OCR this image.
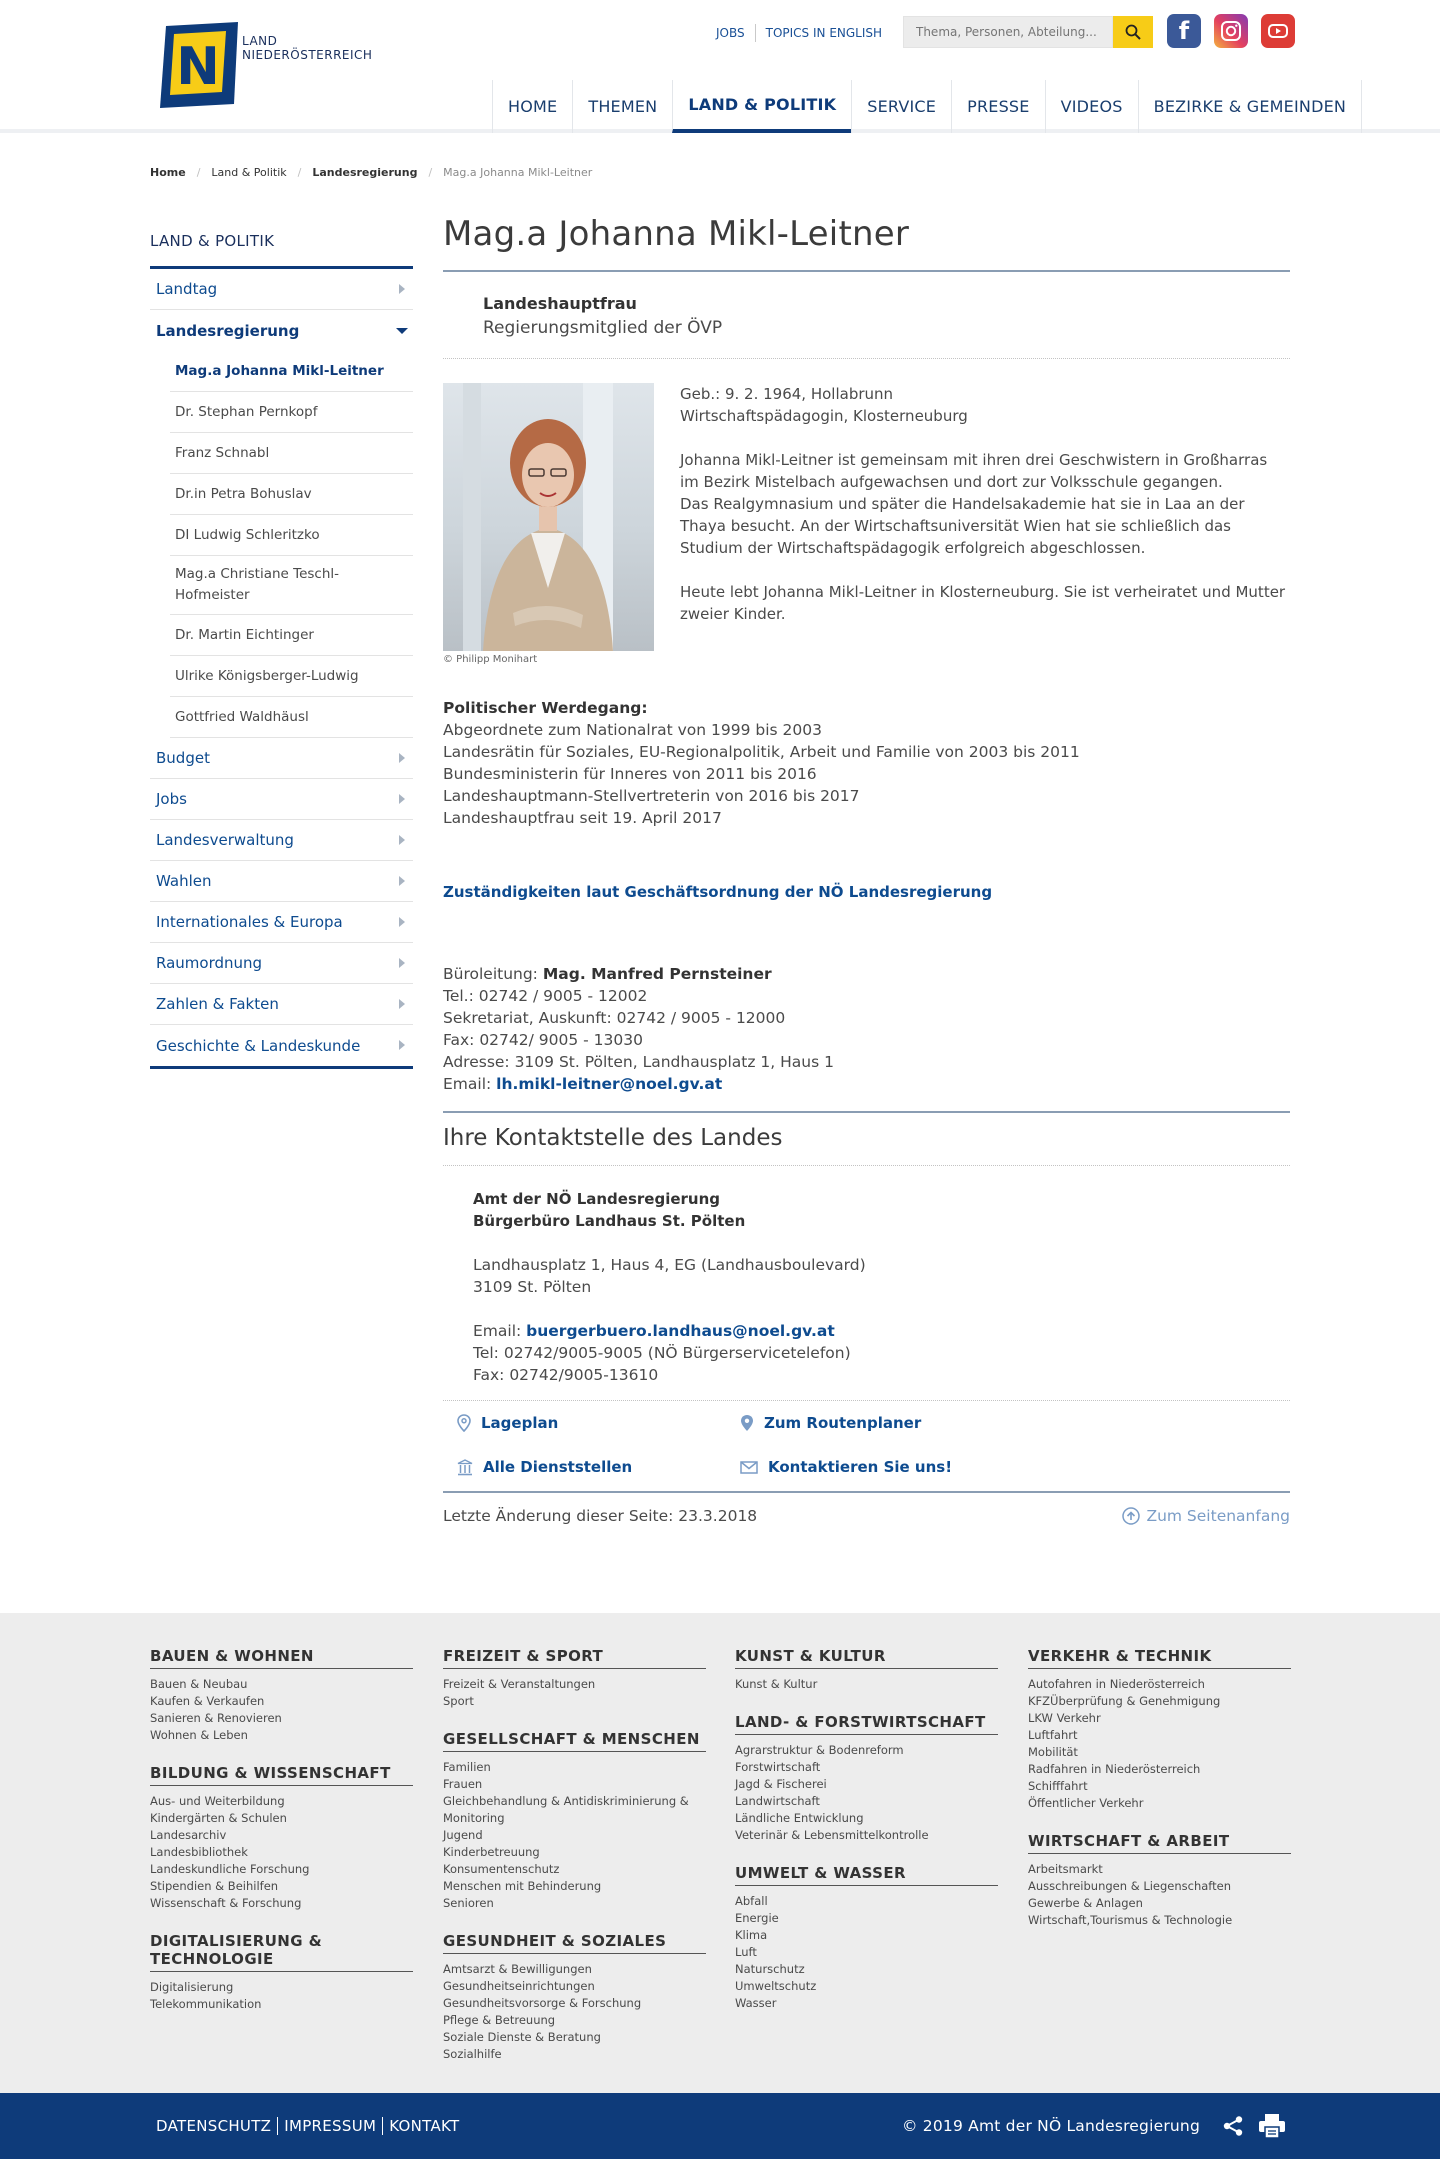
N LAND
NIEDERÖSTERREICH
JOBS	TOPICS IN ENGLISH
Thema, Personen, Abteilung...	f
HOME	THEMEN	LAND & POLITIK	SERVICE	PRESSE	VIDEOS	BEZIRKE & GEMEINDEN
Home / Land & Politik / Landesregierung / Mag.a Johanna Mikl-Leitner
LAND & POLITIK
Landtag
Landesregierung
Mag.a Johanna Mikl-Leitner
Dr. Stephan Pernkopf
Franz Schnabl
Dr.in Petra Bohuslav
DI Ludwig Schleritzko
Mag.a Christiane Teschl-Hofmeister
Dr. Martin Eichtinger
Ulrike Königsberger-Ludwig
Gottfried Waldhäusl
Budget
Jobs
Landesverwaltung
Wahlen
Internationales & Europa
Raumordnung
Zahlen & Fakten
Geschichte & Landeskunde
Mag.a Johanna Mikl-Leitner
Landeshauptfrau
Regierungsmitglied der ÖVP
© Philipp Monihart

Geb.: 9. 2. 1964, Hollabrunn
Wirtschaftspädagogin, Klosterneuburg

Johanna Mikl-Leitner ist gemeinsam mit ihren drei Geschwistern in Großharras im Bezirk Mistelbach aufgewachsen und dort zur Volksschule gegangen.
Das Realgymnasium und später die Handelsakademie hat sie in Laa an der Thaya besucht. An der Wirtschaftsuniversität Wien hat sie schließlich das Studium der Wirtschaftspädagogik erfolgreich abgeschlossen.

Heute lebt Johanna Mikl-Leitner in Klosterneuburg. Sie ist verheiratet und Mutter zweier Kinder.

Politischer Werdegang:
Abgeordnete zum Nationalrat von 1999 bis 2003
Landesrätin für Soziales, EU-Regionalpolitik, Arbeit und Familie von 2003 bis 2011
Bundesministerin für Inneres von 2011 bis 2016
Landeshauptmann-Stellvertreterin von 2016 bis 2017
Landeshauptfrau seit 19. April 2017
Zuständigkeiten laut Geschäftsordnung der NÖ Landesregierung
Büroleitung: Mag. Manfred Pernsteiner
Tel.: 02742 / 9005 - 12002
Sekretariat, Auskunft: 02742 / 9005 - 12000
Fax: 02742/ 9005 - 13030
Adresse: 3109 St. Pölten, Landhausplatz 1, Haus 1
Email: lh.mikl-leitner@noel.gv.at
Ihre Kontaktstelle des Landes
Amt der NÖ Landesregierung
Bürgerbüro Landhaus St. Pölten
Landhausplatz 1, Haus 4, EG (Landhausboulevard)
3109 St. Pölten
Email: buergerbuero.landhaus@noel.gv.at
Tel: 02742/9005-9005 (NÖ Bürgerservicetelefon)
Fax: 02742/9005-13610
Lageplan	Zum Routenplaner
Alle Dienststellen	Kontaktieren Sie uns!
Letzte Änderung dieser Seite: 23.3.2018	Zum Seitenanfang
BAUEN & WOHNEN
Bauen & Neubau
Kaufen & Verkaufen
Sanieren & Renovieren
Wohnen & Leben
BILDUNG & WISSENSCHAFT
Aus- und Weiterbildung
Kindergärten & Schulen
Landesarchiv
Landesbibliothek
Landeskundliche Forschung
Stipendien & Beihilfen
Wissenschaft & Forschung
DIGITALISIERUNG & TECHNOLOGIE
Digitalisierung
Telekommunikation
FREIZEIT & SPORT
Freizeit & Veranstaltungen
Sport
GESELLSCHAFT & MENSCHEN
Familien
Frauen
Gleichbehandlung & Antidiskriminierung & Monitoring
Jugend
Kinderbetreuung
Konsumentenschutz
Menschen mit Behinderung
Senioren
GESUNDHEIT & SOZIALES
Amtsarzt & Bewilligungen
Gesundheitseinrichtungen
Gesundheitsvorsorge & Forschung
Pflege & Betreuung
Soziale Dienste & Beratung
Sozialhilfe
KUNST & KULTUR
Kunst & Kultur
LAND- & FORSTWIRTSCHAFT
Agrarstruktur & Bodenreform
Forstwirtschaft
Jagd & Fischerei
Landwirtschaft
Ländliche Entwicklung
Veterinär & Lebensmittelkontrolle
UMWELT & WASSER
Abfall
Energie
Klima
Luft
Naturschutz
Umweltschutz
Wasser
VERKEHR & TECHNIK
Autofahren in Niederösterreich
KFZÜberprüfung & Genehmigung
LKW Verkehr
Luftfahrt
Mobilität
Radfahren in Niederösterreich
Schifffahrt
Öffentlicher Verkehr
WIRTSCHAFT & ARBEIT
Arbeitsmarkt
Ausschreibungen & Liegenschaften
Gewerbe & Anlagen
Wirtschaft,Tourismus & Technologie
DATENSCHUTZ IMPRESSUM KONTAKT	© 2019 Amt der NÖ Landesregierung
